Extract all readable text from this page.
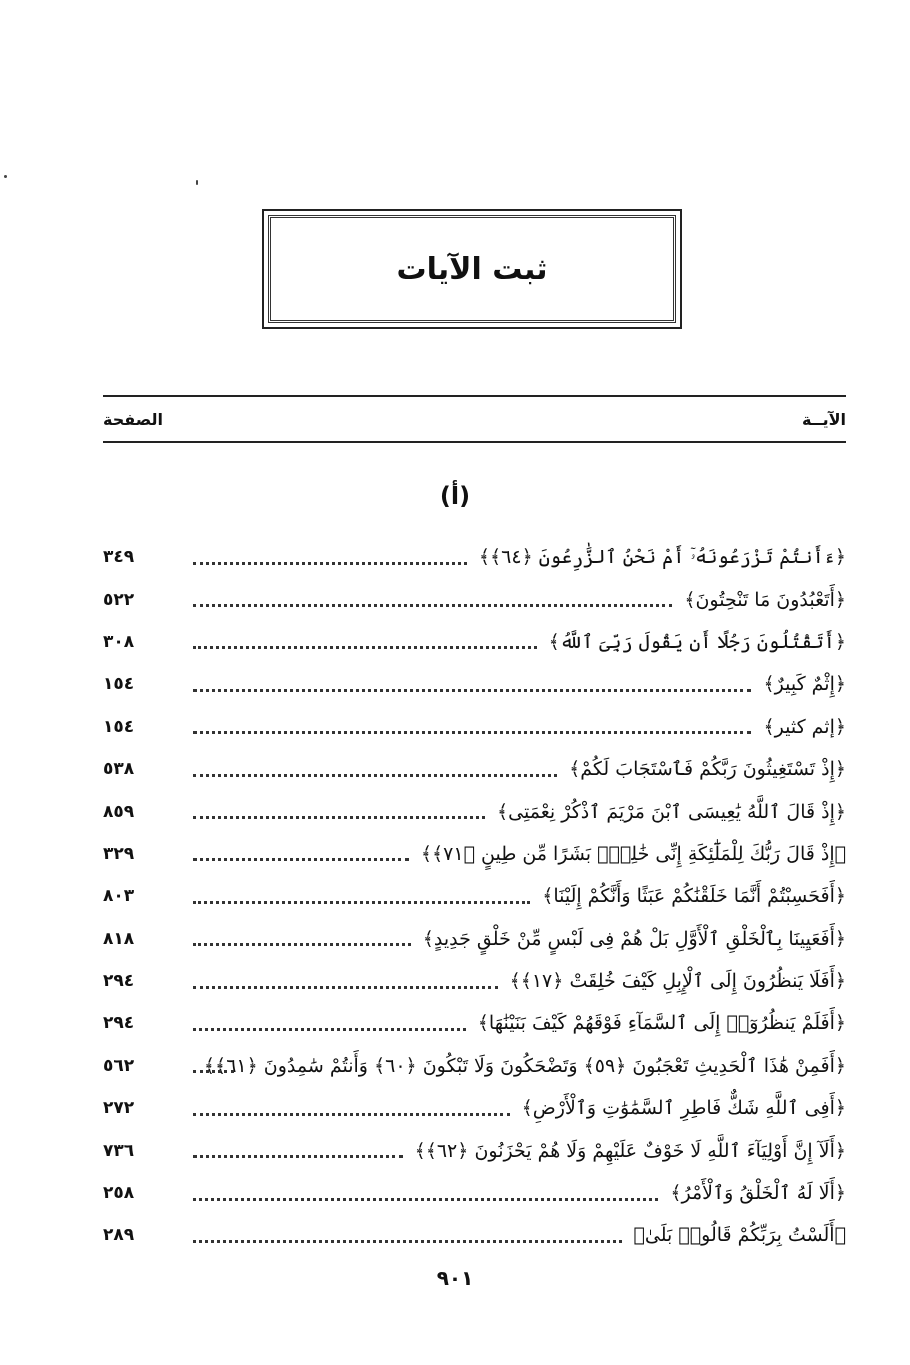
ثبت الآيات
الصفحة	الآيــة
(أ)
﴿ءَأَنتُمْ تَزْرَعُونَهُۥٓ أَمْ نَحْنُ ٱلزَّٰرِعُونَ ﴿٦٤﴾﴾
٣٤٩
﴿أَتَعْبُدُونَ مَا تَنْحِتُونَ﴾
٥٢٢
﴿أَتَقْتُلُونَ رَجُلًا أَن يَقُولَ رَبِّىَ ٱللَّهُ﴾
٣٠٨
﴿إِثْمٌ كَبِيرٌ﴾
١٥٤
﴿إثم كثير﴾
١٥٤
﴿إِذْ تَسْتَغِيثُونَ رَبَّكُمْ فَٱسْتَجَابَ لَكُمْ﴾
٥٣٨
﴿إِذْ قَالَ ٱللَّهُ يَٰعِيسَى ٱبْنَ مَرْيَمَ ٱذْكُرْ نِعْمَتِى﴾
٨٥٩
﴿إِذْ قَالَ رَبُّكَ لِلْمَلَٰٓئِكَةِ إِنِّى خَٰلِقٌۢ بَشَرًا مِّن طِينٍ ﴿٧١﴾﴾
٣٢٩
﴿أَفَحَسِبْتُمْ أَنَّمَا خَلَقْنَٰكُمْ عَبَثًا وَأَنَّكُمْ إِلَيْنَا﴾
٨٠٣
﴿أَفَعَيِينَا بِٱلْخَلْقِ ٱلْأَوَّلِ بَلْ هُمْ فِى لَبْسٍ مِّنْ خَلْقٍ جَدِيدٍ﴾
٨١٨
﴿أَفَلَا يَنظُرُونَ إِلَى ٱلْإِبِلِ كَيْفَ خُلِقَتْ ﴿١٧﴾﴾
٢٩٤
﴿أَفَلَمْ يَنظُرُوٓا۟ إِلَى ٱلسَّمَآءِ فَوْقَهُمْ كَيْفَ بَنَيْنَٰهَا﴾
٢٩٤
﴿أَفَمِنْ هَٰذَا ٱلْحَدِيثِ تَعْجَبُونَ ﴿٥٩﴾ وَتَضْحَكُونَ وَلَا تَبْكُونَ ﴿٦٠﴾ وَأَنتُمْ سَٰمِدُونَ ﴿٦١﴾﴾
٥٦٢
﴿أَفِى ٱللَّهِ شَكٌّ فَاطِرِ ٱلسَّمَٰوَٰتِ وَٱلْأَرْضِ﴾
٢٧٢
﴿أَلَآ إِنَّ أَوْلِيَآءَ ٱللَّهِ لَا خَوْفٌ عَلَيْهِمْ وَلَا هُمْ يَحْزَنُونَ ﴿٦٢﴾﴾
٧٣٦
﴿أَلَا لَهُ ٱلْخَلْقُ وَٱلْأَمْرُ﴾
٢٥٨
﴿أَلَسْتُ بِرَبِّكُمْ قَالُوا۟ بَلَىٰ﴾
٢٨٩
٩٠١
